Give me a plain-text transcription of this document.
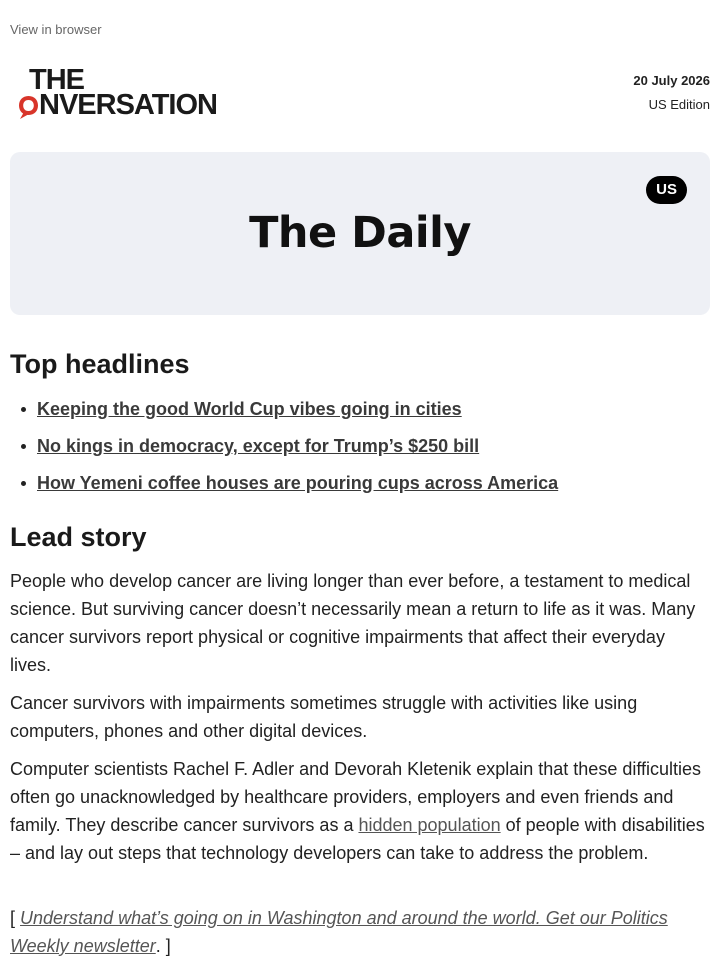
View in browser
THE
NVERSATION
20 July 2026
US Edition
US
The Daily
Top headlines
Keeping the good World Cup vibes going in cities
No kings in democracy, except for Trump’s $250 bill
How Yemeni coffee houses are pouring cups across America
Lead story

People who develop cancer are living longer than ever before, a testament to medical science. But surviving cancer doesn’t necessarily mean a return to life as it was. Many cancer survivors report physical or cognitive impairments that affect their everyday lives.

Cancer survivors with impairments sometimes struggle with activities like using computers, phones and other digital devices.

Computer scientists Rachel F. Adler and Devorah Kletenik explain that these difficulties often go unacknowledged by healthcare providers, employers and even friends and family. They describe cancer survivors as a hidden population of people with disabilities – and lay out steps that technology developers can take to address the problem.

[ Understand what’s going on in Washington and around the world. Get our Politics Weekly newsletter. ]
